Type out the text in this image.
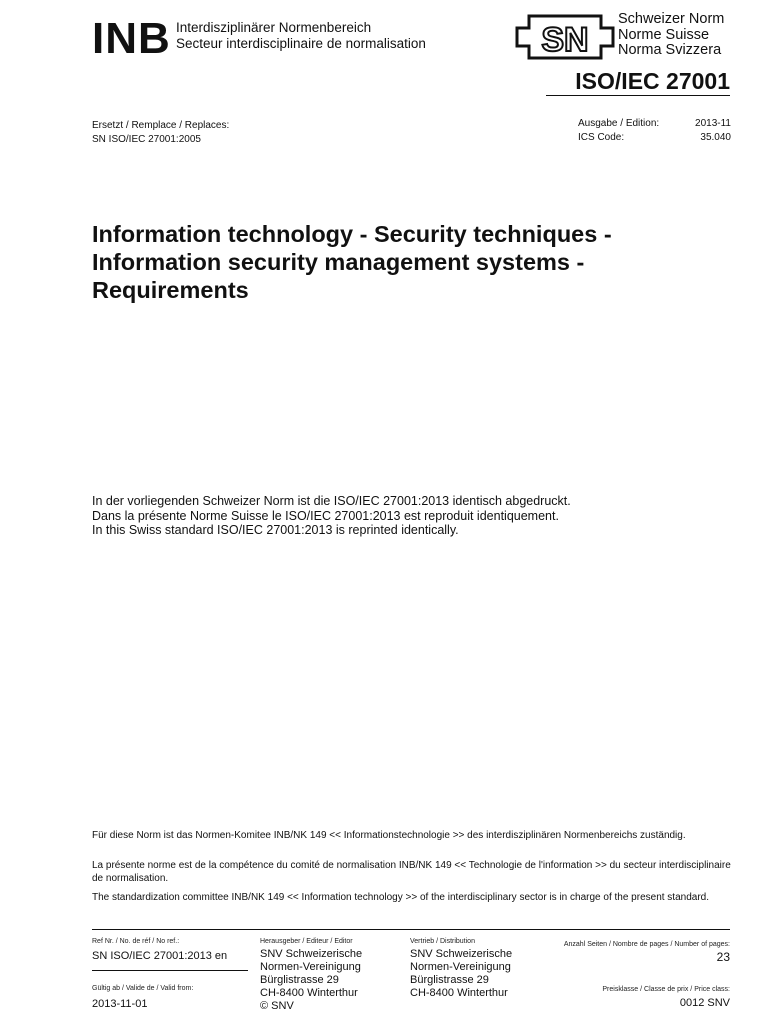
INB Interdisziplinärer Normenbereich
Secteur interdisciplinaire de normalisation	SN
Schweizer Norm
Norme Suisse
Norma Svizzera
ISO/IEC 27001
Ersetzt / Remplace / Replaces:
SN ISO/IEC 27001:2005
Ausgabe / Edition:	2013-11
ICS Code:	35.040
Information technology - Security techniques -
Information security management systems -
Requirements
In der vorliegenden Schweizer Norm ist die ISO/IEC 27001:2013 identisch abgedruckt.
Dans la présente Norme Suisse le ISO/IEC 27001:2013 est reproduit identiquement.
In this Swiss standard ISO/IEC 27001:2013 is reprinted identically.
Für diese Norm ist das Normen-Komitee INB/NK 149 << Informationstechnologie >> des interdisziplinären Normenbereichs zuständig.
La présente norme est de la compétence du comité de normalisation INB/NK 149 << Technologie de l'information >> du secteur interdisciplinaire de normalisation.
The standardization committee INB/NK 149 << Information technology >> of the interdisciplinary sector is in charge of the present standard.
Ref Nr. / No. de réf / No ref.:
SN ISO/IEC 27001:2013 en
Gültig ab / Valide de / Valid from:
2013-11-01
Herausgeber / Editeur / Editor
SNV Schweizerische
Normen-Vereinigung
Bürglistrasse 29
CH-8400 Winterthur
© SNV
Vertrieb / Distribution
SNV Schweizerische
Normen-Vereinigung
Bürglistrasse 29
CH-8400 Winterthur
Anzahl Seiten / Nombre de pages / Number of pages:
23
Preisklasse / Classe de prix / Price class:
0012 SNV
